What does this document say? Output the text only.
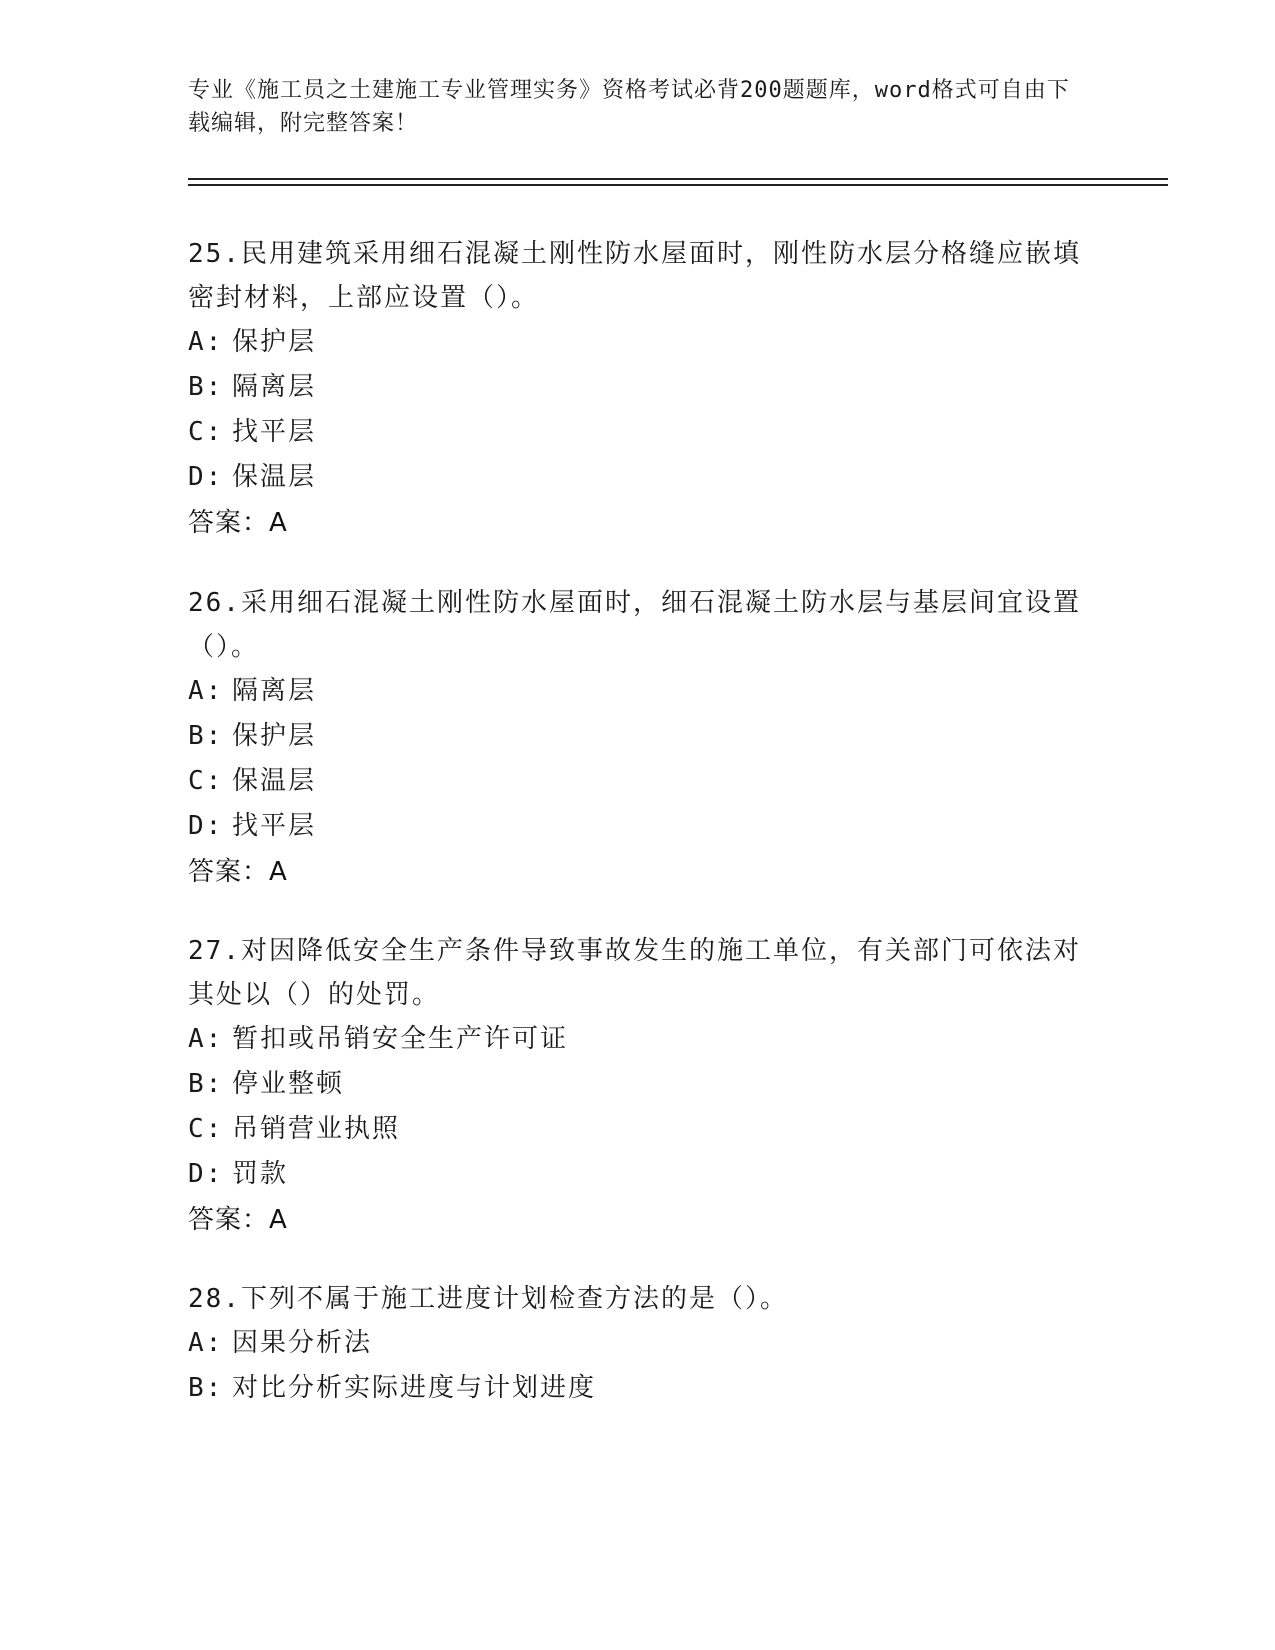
专业《施工员之土建施工专业管理实务》资格考试必背200题题库，word格式可自由下载编辑，附完整答案！
25.民用建筑采用细石混凝土刚性防水屋面时，刚性防水层分格缝应嵌填密封材料，上部应设置（）。
A: 保护层
B: 隔离层
C: 找平层
D: 保温层
答案：A
26.采用细石混凝土刚性防水屋面时，细石混凝土防水层与基层间宜设置（）。
A: 隔离层
B: 保护层
C: 保温层
D: 找平层
答案：A
27.对因降低安全生产条件导致事故发生的施工单位，有关部门可依法对其处以（）的处罚。
A: 暂扣或吊销安全生产许可证
B: 停业整顿
C: 吊销营业执照
D: 罚款
答案：A
28.下列不属于施工进度计划检查方法的是（）。
A: 因果分析法
B: 对比分析实际进度与计划进度
